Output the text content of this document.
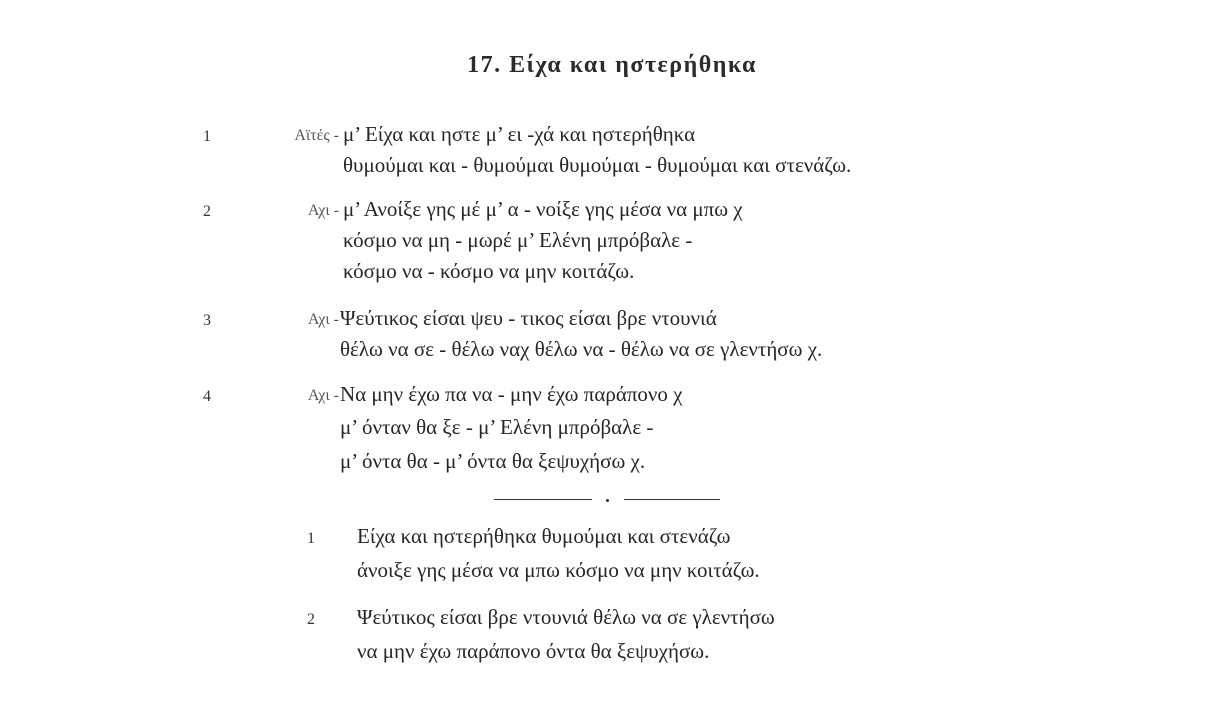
17. Είχα και ηστερήθηκα
1	Αϊτές - μ’ Είχα και ηστε μ’ ει -χά και ηστερήθηκα
θυμούμαι και - θυμούμαι θυμούμαι - θυμούμαι και στενάζω.
2	Αχι - μ’ Ανοίξε γης μέ μ’ α - νοίξε γης μέσα να μπω χ
κόσμο να μη - μωρέ μ’ Ελένη μπρόβαλε -
κόσμο να - κόσμο να μην κοιτάζω.
3	Αχι - Ψεύτικος είσαι ψευ - τικος είσαι βρε ντουνιά
θέλω να σε - θέλω ναχ θέλω να - θέλω να σε γλεντήσω χ.
4	Αχι - Να μην έχω πα να - μην έχω παράπονο χ
μ’ όνταν θα ξε - μ’ Ελένη μπρόβαλε -
μ’ όντα θα - μ’ όντα θα ξεψυχήσω χ.
1 Είχα και ηστερήθηκα θυμούμαι και στενάζω
άνοιξε γης μέσα να μπω κόσμο να μην κοιτάζω.
2 Ψεύτικος είσαι βρε ντουνιά θέλω να σε γλεντήσω
να μην έχω παράπονο όντα θα ξεψυχήσω.
